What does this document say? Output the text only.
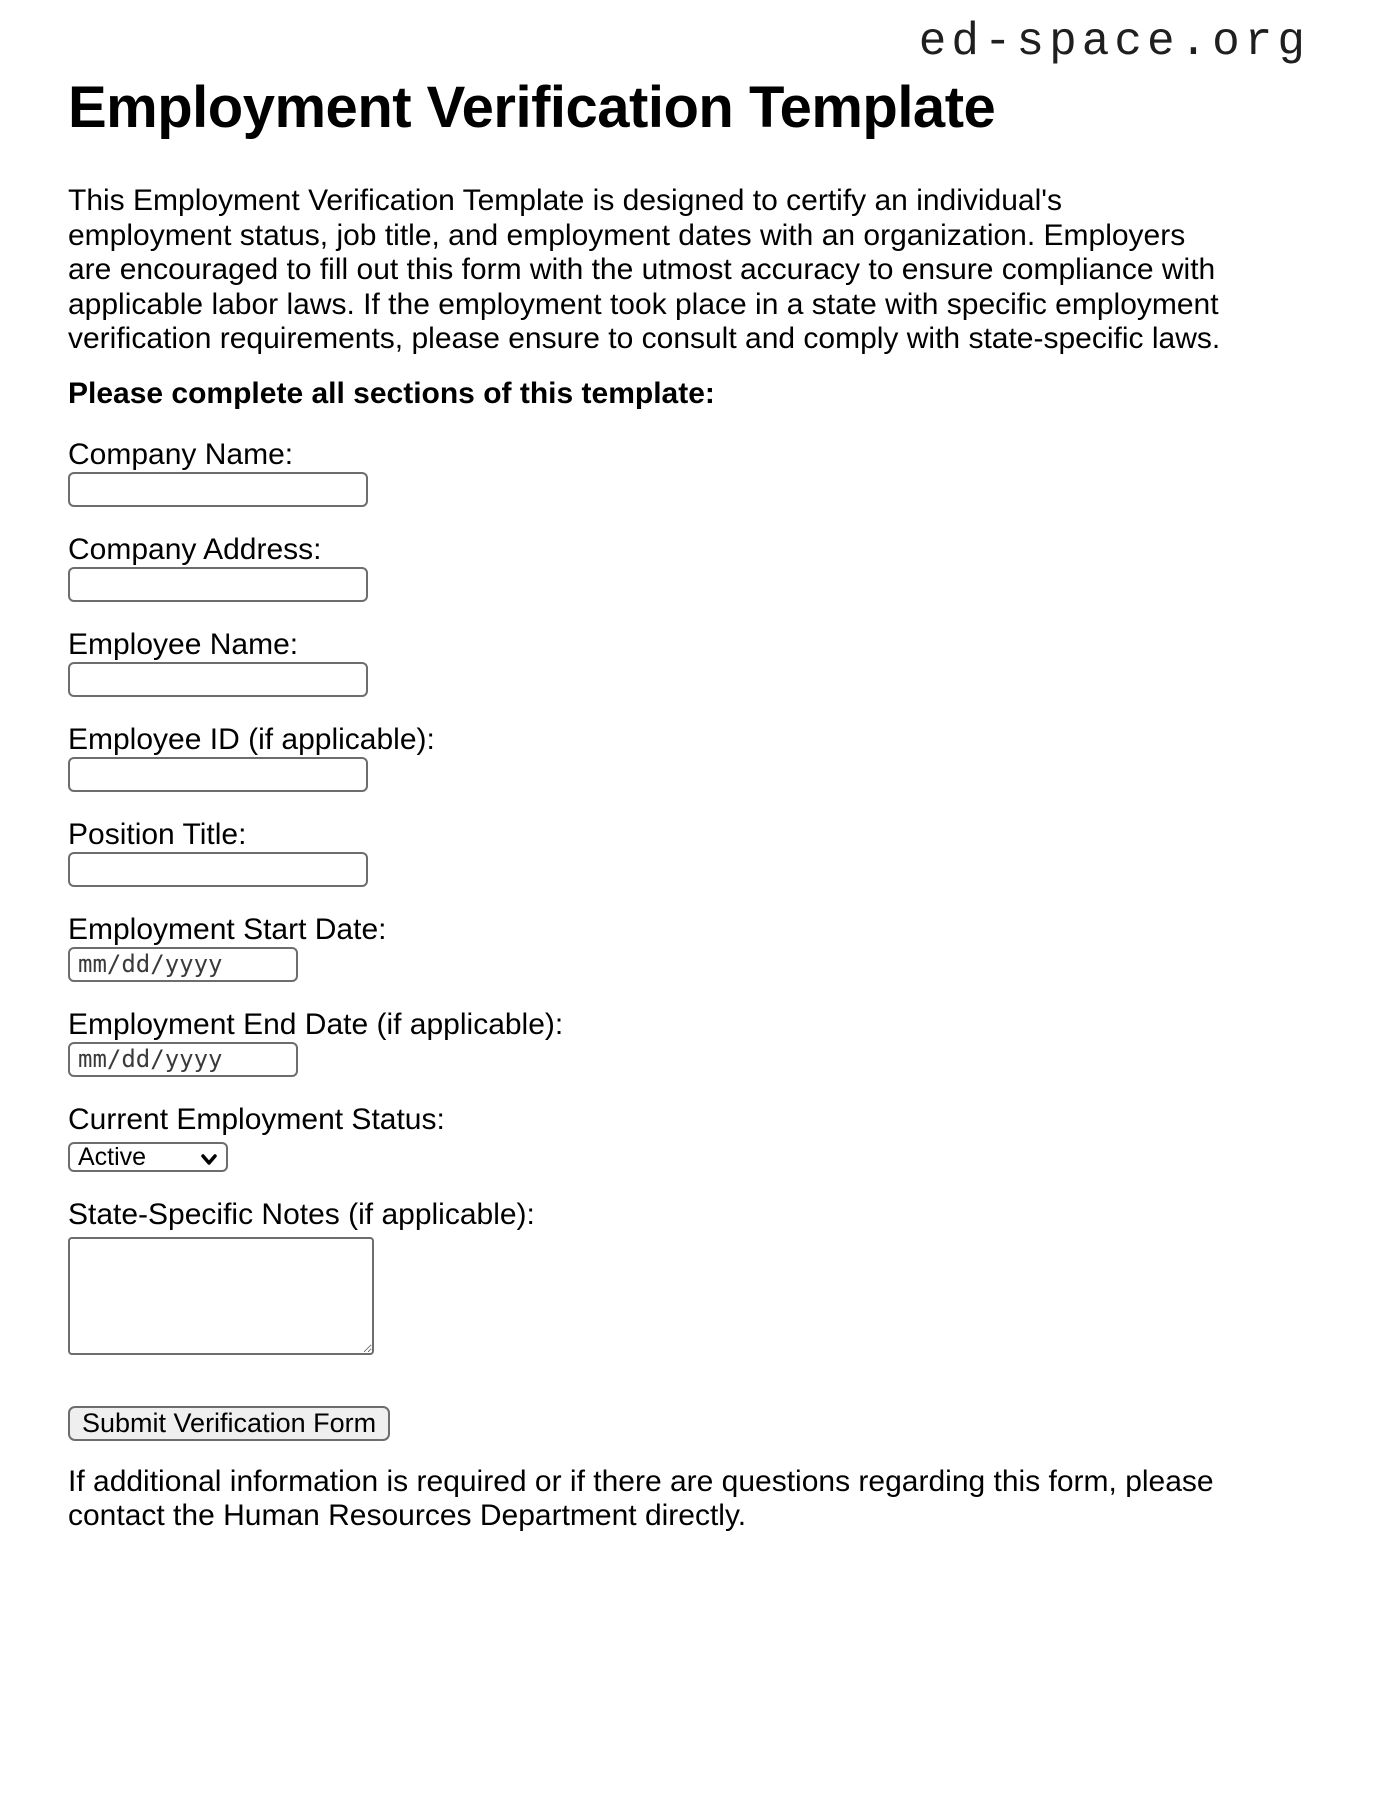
ed-space.org
Employment Verification Template

This Employment Verification Template is designed to certify an individual's employment status, job title, and employment dates with an organization. Employers are encouraged to fill out this form with the utmost accuracy to ensure compliance with applicable labor laws. If the employment took place in a state with specific employment verification requirements, please ensure to consult and comply with state-specific laws.

Please complete all sections of this template:

Company Name:
Company Address:
Employee Name:
Employee ID (if applicable):
Position Title:
Employment Start Date:
mm/dd/yyyy
Employment End Date (if applicable):
mm/dd/yyyy
Current Employment Status:
Active
State-Specific Notes (if applicable):
Submit Verification Form

If additional information is required or if there are questions regarding this form, please contact the Human Resources Department directly.
